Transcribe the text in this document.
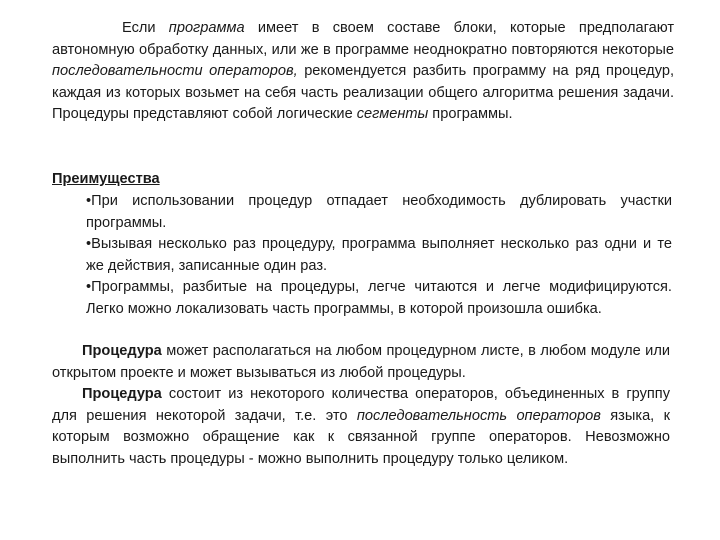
Если программа имеет в своем составе блоки, которые предполагают автономную обработку данных, или же в программе неоднократно повторяются некоторые последовательности операторов, рекомендуется разбить программу на ряд процедур, каждая из которых возьмет на себя часть реализации общего алгоритма решения задачи. Процедуры представляют собой логические сегменты программы.
Преимущества
•При использовании процедур отпадает необходимость дублировать участки программы.
•Вызывая несколько раз процедуру, программа выполняет несколько раз одни и те же действия, записанные один раз.
•Программы, разбитые на процедуры, легче читаются и легче модифицируются. Легко можно локализовать часть программы, в которой произошла ошибка.
Процедура может располагаться на любом процедурном листе, в любом модуле или открытом проекте и может вызываться из любой процедуры.
Процедура состоит из некоторого количества операторов, объединенных в группу для решения некоторой задачи, т.е. это последовательность операторов языка, к которым возможно обращение как к связанной группе операторов. Невозможно выполнить часть процедуры - можно выполнить процедуру только целиком.
